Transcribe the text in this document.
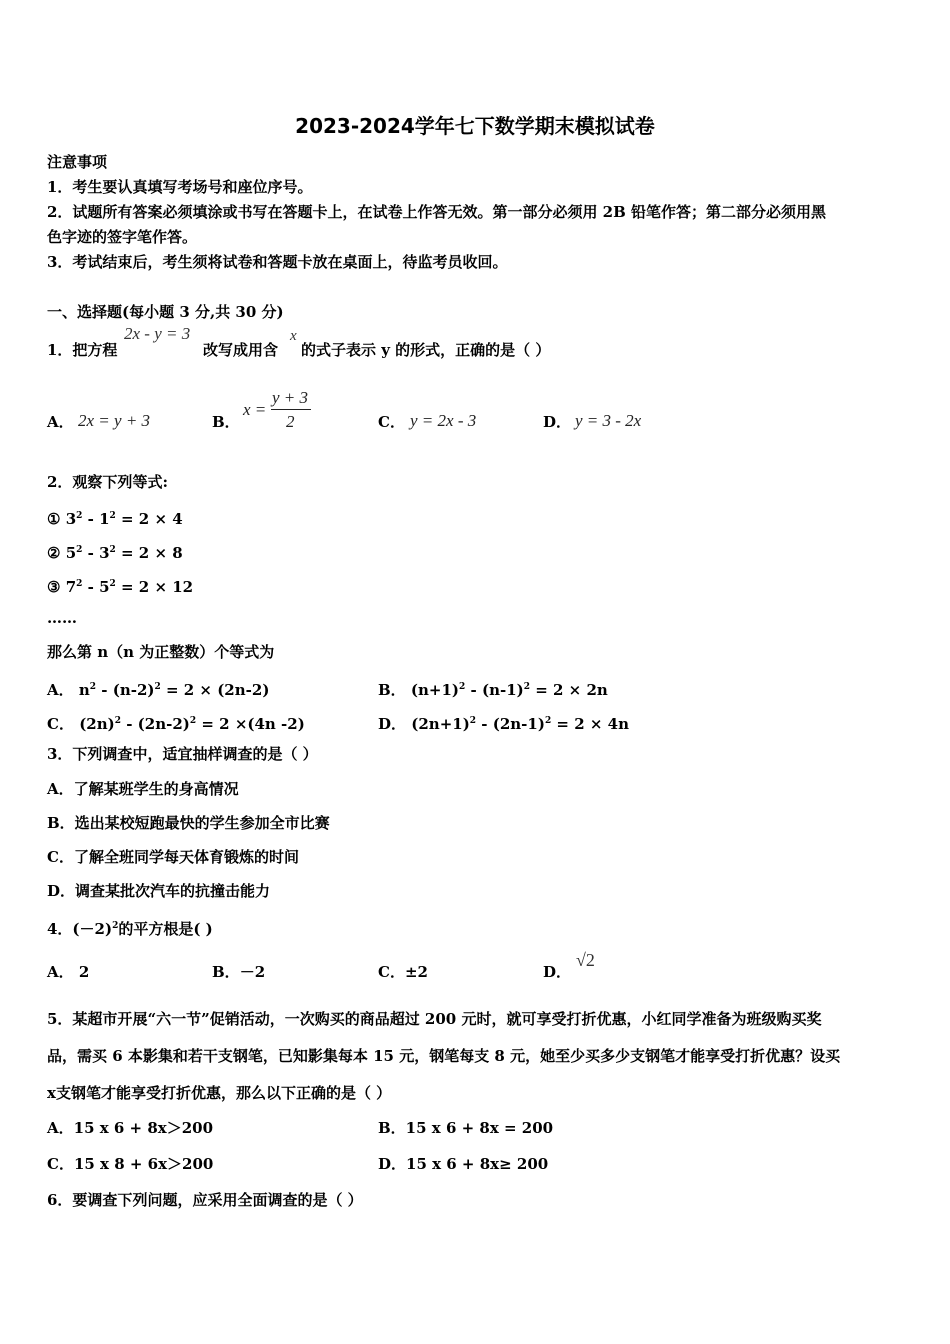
2023-2024学年七下数学期末模拟试卷
注意事项
1．考生要认真填写考场号和座位序号。
2．试题所有答案必须填涂或书写在答题卡上，在试卷上作答无效。第一部分必须用 2B 铅笔作答；第二部分必须用黑
色字迹的签字笔作答。
3．考试结束后，考生须将试卷和答题卡放在桌面上，待监考员收回。
一、选择题(每小题 3 分,共 30 分)
1．把方程
2x - y = 3
改写成用含
x
的式子表示 y 的形式，正确的是（ ）
A． 2x = y + 3	B．
x =
y + 3
2	C． y = 2x - 3	D． y = 3 - 2x
2．观察下列等式:
① $3^2 - 1^2 = 2 \times 4$
② $5^2 - 3^2 = 2 \times 8$
③ $7^2 - 5^2 = 2 \times 12$
……
那么第 n（n 为正整数）个等式为
A． $n^2 - (n-2)^2 = 2 \times (2n-2)$	B． $(n+1)^2 - (n-1)^2 = 2 \times 2n$
C． $(2n)^2 - (2n-2)^2 = 2 \times(4n$ -2)	D． $(2n+1)^2 - (2n-1)^2 = 2 \times 4n$
3．下列调查中，适宜抽样调查的是（ ）
A．了解某班学生的身高情况
B．选出某校短跑最快的学生参加全市比赛
C．了解全班同学每天体育锻炼的时间
D．调查某批次汽车的抗撞击能力
4．$(-2)^2$的平方根是( )
A． 2	B．－2	C．±2	D．
√2
5．某超市开展“六一节”促销活动，一次购买的商品超过 200 元时，就可享受打折优惠，小红同学准备为班级购买奖
品，需买 6 本影集和若干支钢笔，已知影集每本 15 元，钢笔每支 8 元，她至少买多少支钢笔才能享受打折优惠？设买
x支钢笔才能享受打折优惠，那么以下正确的是（ ）
A．15 x 6 + 8x＞200	B．15 x 6 + 8x = 200
C．15 x 8 + 6x＞200	D．15 x 6 + 8x≥ 200
6．要调查下列问题，应采用全面调查的是（ ）
